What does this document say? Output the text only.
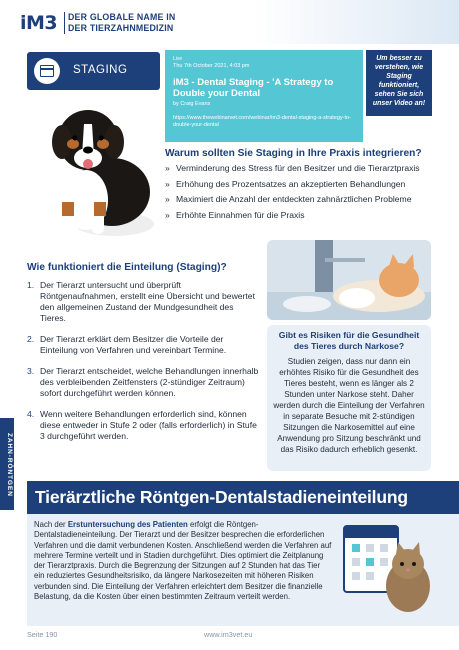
iM3 DER GLOBALE NAME IN
DER TIERZAHNMEDIZIN
STAGING
Live
Thu 7th October 2021, 4:03 pm
iM3 - Dental Staging - 'A Strategy to Double your Dental
by Craig Evans
https://www.thewebinarvet.com/webinar/im3-dental-staging-a-strategy-to-double-your-dental
Um besser zu verstehen, wie Staging funktioniert, sehen Sie sich unser Video an!
Warum sollten Sie Staging in Ihre Praxis integrieren?
» Verminderung des Stress für den Besitzer und die Tierarztpraxis
» Erhöhung des Prozentsatzes an akzeptierten Behandlungen
» Maximiert die Anzahl der entdeckten zahnärztlichen Probleme
» Erhöhte Einnahmen für die Praxis
Wie funktioniert die Einteilung (Staging)?
1. Der Tierarzt untersucht und überprüft Röntgenaufnahmen, erstellt eine Übersicht und bewertet den allgemeinen Zustand der Mundgesundheit des Tieres.
2. Der Tierarzt erklärt dem Besitzer die Vorteile der Einteilung von Verfahren und vereinbart Termine.
3. Der Tierarzt entscheidet, welche Behandlungen innerhalb des verbleibenden Zeitfensters (2-stündiger Zeitraum) sofort durchgeführt werden können.
4. Wenn weitere Behandlungen erforderlich sind, können diese entweder in Stufe 2 oder (falls erforderlich) in Stufe 3 durchgeführt werden.
Gibt es Risiken für die Gesundheit des Tieres durch Narkose?
Studien zeigen, dass nur dann ein erhöhtes Risiko für die Gesundheit des Tieres besteht, wenn es länger als 2 Stunden unter Narkose steht. Daher werden durch die Einteilung der Verfahren in separate Besuche mit 2-stündigen Sitzungen die Narkosemittel auf eine Anwendung pro Sitzung beschränkt und das Risiko dadurch erheblich gesenkt.
ZAHN-RÖNTGEN
Tierärztliche Röntgen-Dentalstadieneinteilung
Nach der Erstuntersuchung des Patienten erfolgt die Röntgen-Dentalstadieneinteilung. Der Tierarzt und der Besitzer besprechen die erforderlichen Verfahren und die damit verbundenen Kosten. Anschließend werden die Verfahren auf mehrere Termine verteilt und in Stadien durchgeführt. Dies optimiert die Zeitplanung der Tierarztpraxis. Durch die Begrenzung der Sitzungen auf 2 Stunden hat das Tier ein reduziertes Gesundheitsrisiko, da längere Narkosezeiten mit höheren Risiken verbunden sind. Die Einteilung der Verfahren erleichtert dem Besitzer die finanzielle Belastung, da die Kosten über einen bestimmten Zeitraum verteilt werden.
Seite 190	www.im3vet.eu
